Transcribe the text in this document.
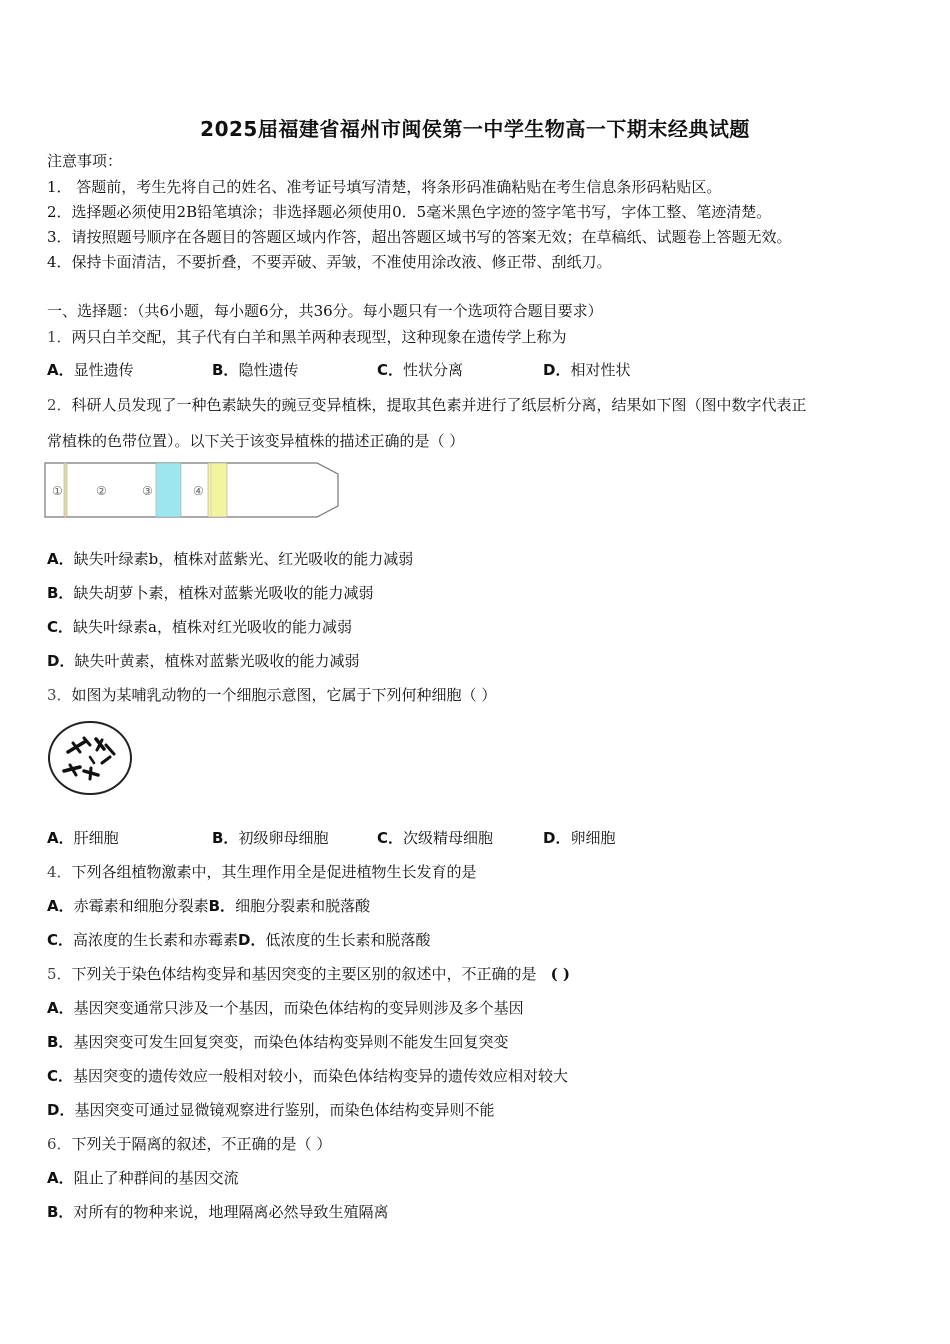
2025届福建省福州市闽侯第一中学生物高一下期末经典试题
注意事项：
1． 答题前，考生先将自己的姓名、准考证号填写清楚，将条形码准确粘贴在考生信息条形码粘贴区。
2．选择题必须使用2B铅笔填涂；非选择题必须使用0．5毫米黑色字迹的签字笔书写，字体工整、笔迹清楚。
3．请按照题号顺序在各题目的答题区域内作答，超出答题区域书写的答案无效；在草稿纸、试题卷上答题无效。
4．保持卡面清洁，不要折叠，不要弄破、弄皱，不准使用涂改液、修正带、刮纸刀。
一、选择题：（共6小题，每小题6分，共36分。每小题只有一个选项符合题目要求）
1．两只白羊交配，其子代有白羊和黑羊两种表现型，这种现象在遗传学上称为
A．显性遗传	B．隐性遗传	C．性状分离	D．相对性状
2．科研人员发现了一种色素缺失的豌豆变异植株，提取其色素并进行了纸层析分离，结果如下图（图中数字代表正
常植株的色带位置）。以下关于该变异植株的描述正确的是（ ）
①	②	③	④
A．缺失叶绿素b，植株对蓝紫光、红光吸收的能力减弱
B．缺失胡萝卜素，植株对蓝紫光吸收的能力减弱
C．缺失叶绿素a，植株对红光吸收的能力减弱
D．缺失叶黄素，植株对蓝紫光吸收的能力减弱
3．如图为某哺乳动物的一个细胞示意图，它属于下列何种细胞（ ）
A．肝细胞	B．初级卵母细胞	C．次级精母细胞	D．卵细胞
4．下列各组植物激素中，其生理作用全是促进植物生长发育的是
A．赤霉素和细胞分裂素B．细胞分裂素和脱落酸
C．高浓度的生长素和赤霉素D．低浓度的生长素和脱落酸
5．下列关于染色体结构变异和基因突变的主要区别的叙述中，不正确的是 ( )
A．基因突变通常只涉及一个基因，而染色体结构的变异则涉及多个基因
B．基因突变可发生回复突变，而染色体结构变异则不能发生回复突变
C．基因突变的遗传效应一般相对较小，而染色体结构变异的遗传效应相对较大
D．基因突变可通过显微镜观察进行鉴别，而染色体结构变异则不能
6．下列关于隔离的叙述，不正确的是（ ）
A．阻止了种群间的基因交流
B．对所有的物种来说，地理隔离必然导致生殖隔离
